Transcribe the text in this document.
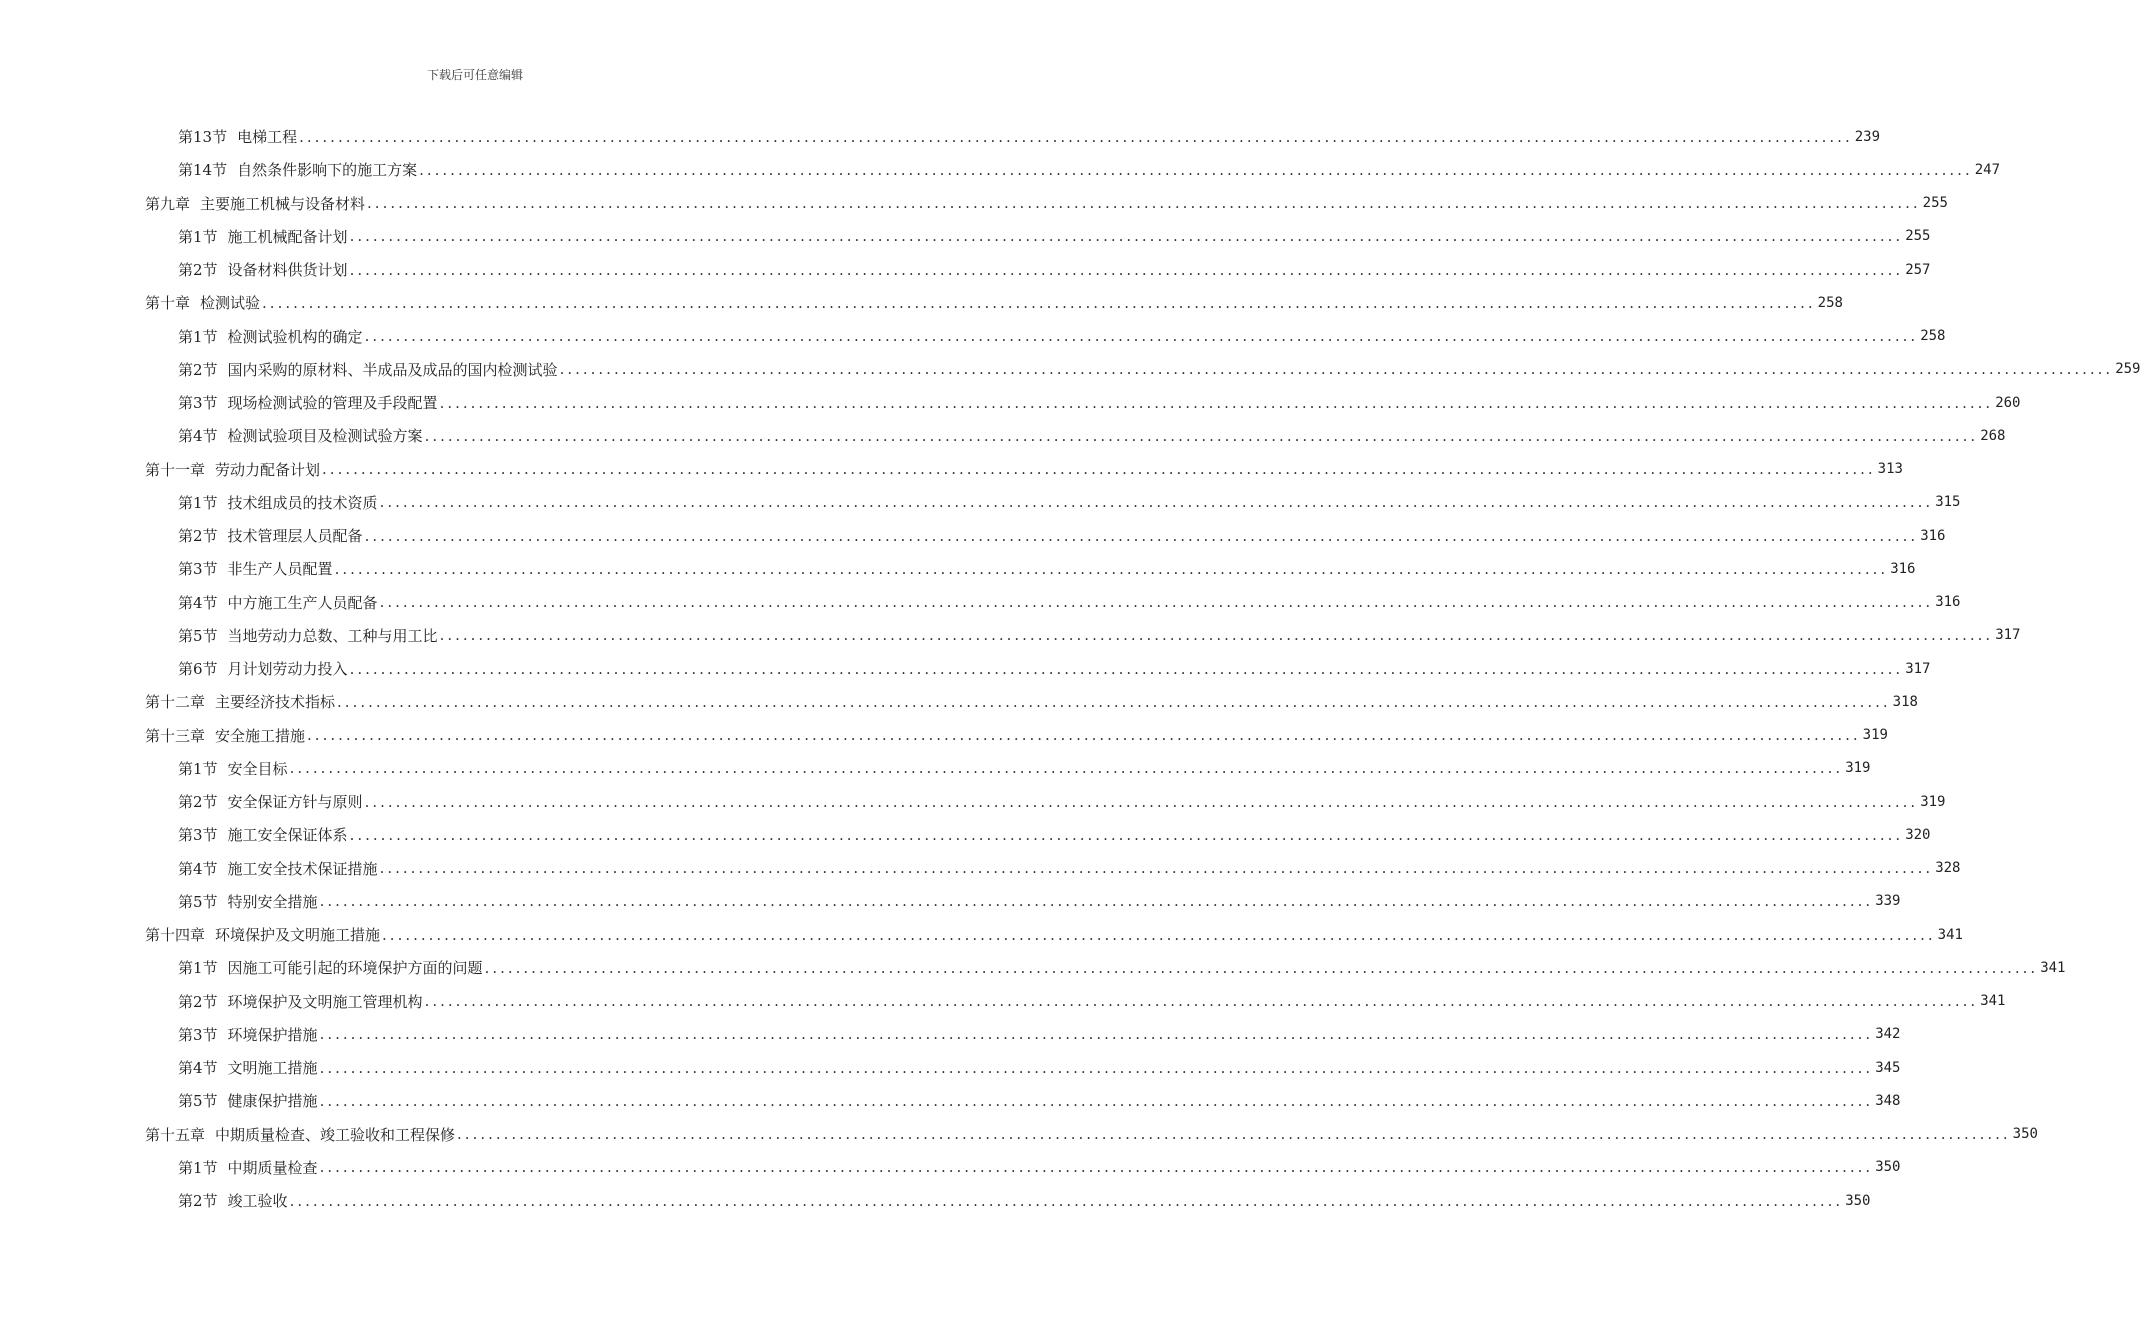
下载后可任意编辑
第13节 电梯工程 ........................................................................................................................................................................................................ 239
第14节 自然条件影响下的施工方案 ........................................................................................................................................................................................................ 247
第九章 主要施工机械与设备材料 ........................................................................................................................................................................................................ 255
第1节 施工机械配备计划 ........................................................................................................................................................................................................ 255
第2节 设备材料供货计划 ........................................................................................................................................................................................................ 257
第十章 检测试验 ........................................................................................................................................................................................................ 258
第1节 检测试验机构的确定 ........................................................................................................................................................................................................ 258
第2节 国内采购的原材料、半成品及成品的国内检测试验 ........................................................................................................................................................................................................ 259
第3节 现场检测试验的管理及手段配置 ........................................................................................................................................................................................................ 260
第4节 检测试验项目及检测试验方案 ........................................................................................................................................................................................................ 268
第十一章 劳动力配备计划 ........................................................................................................................................................................................................ 313
第1节 技术组成员的技术资质 ........................................................................................................................................................................................................ 315
第2节 技术管理层人员配备 ........................................................................................................................................................................................................ 316
第3节 非生产人员配置 ........................................................................................................................................................................................................ 316
第4节 中方施工生产人员配备 ........................................................................................................................................................................................................ 316
第5节 当地劳动力总数、工种与用工比 ........................................................................................................................................................................................................ 317
第6节 月计划劳动力投入 ........................................................................................................................................................................................................ 317
第十二章 主要经济技术指标 ........................................................................................................................................................................................................ 318
第十三章 安全施工措施 ........................................................................................................................................................................................................ 319
第1节 安全目标 ........................................................................................................................................................................................................ 319
第2节 安全保证方针与原则 ........................................................................................................................................................................................................ 319
第3节 施工安全保证体系 ........................................................................................................................................................................................................ 320
第4节 施工安全技术保证措施 ........................................................................................................................................................................................................ 328
第5节 特别安全措施 ........................................................................................................................................................................................................ 339
第十四章 环境保护及文明施工措施 ........................................................................................................................................................................................................ 341
第1节 因施工可能引起的环境保护方面的问题 ........................................................................................................................................................................................................ 341
第2节 环境保护及文明施工管理机构 ........................................................................................................................................................................................................ 341
第3节 环境保护措施 ........................................................................................................................................................................................................ 342
第4节 文明施工措施 ........................................................................................................................................................................................................ 345
第5节 健康保护措施 ........................................................................................................................................................................................................ 348
第十五章 中期质量检查、竣工验收和工程保修 ........................................................................................................................................................................................................ 350
第1节 中期质量检查 ........................................................................................................................................................................................................ 350
第2节 竣工验收 ........................................................................................................................................................................................................ 350
